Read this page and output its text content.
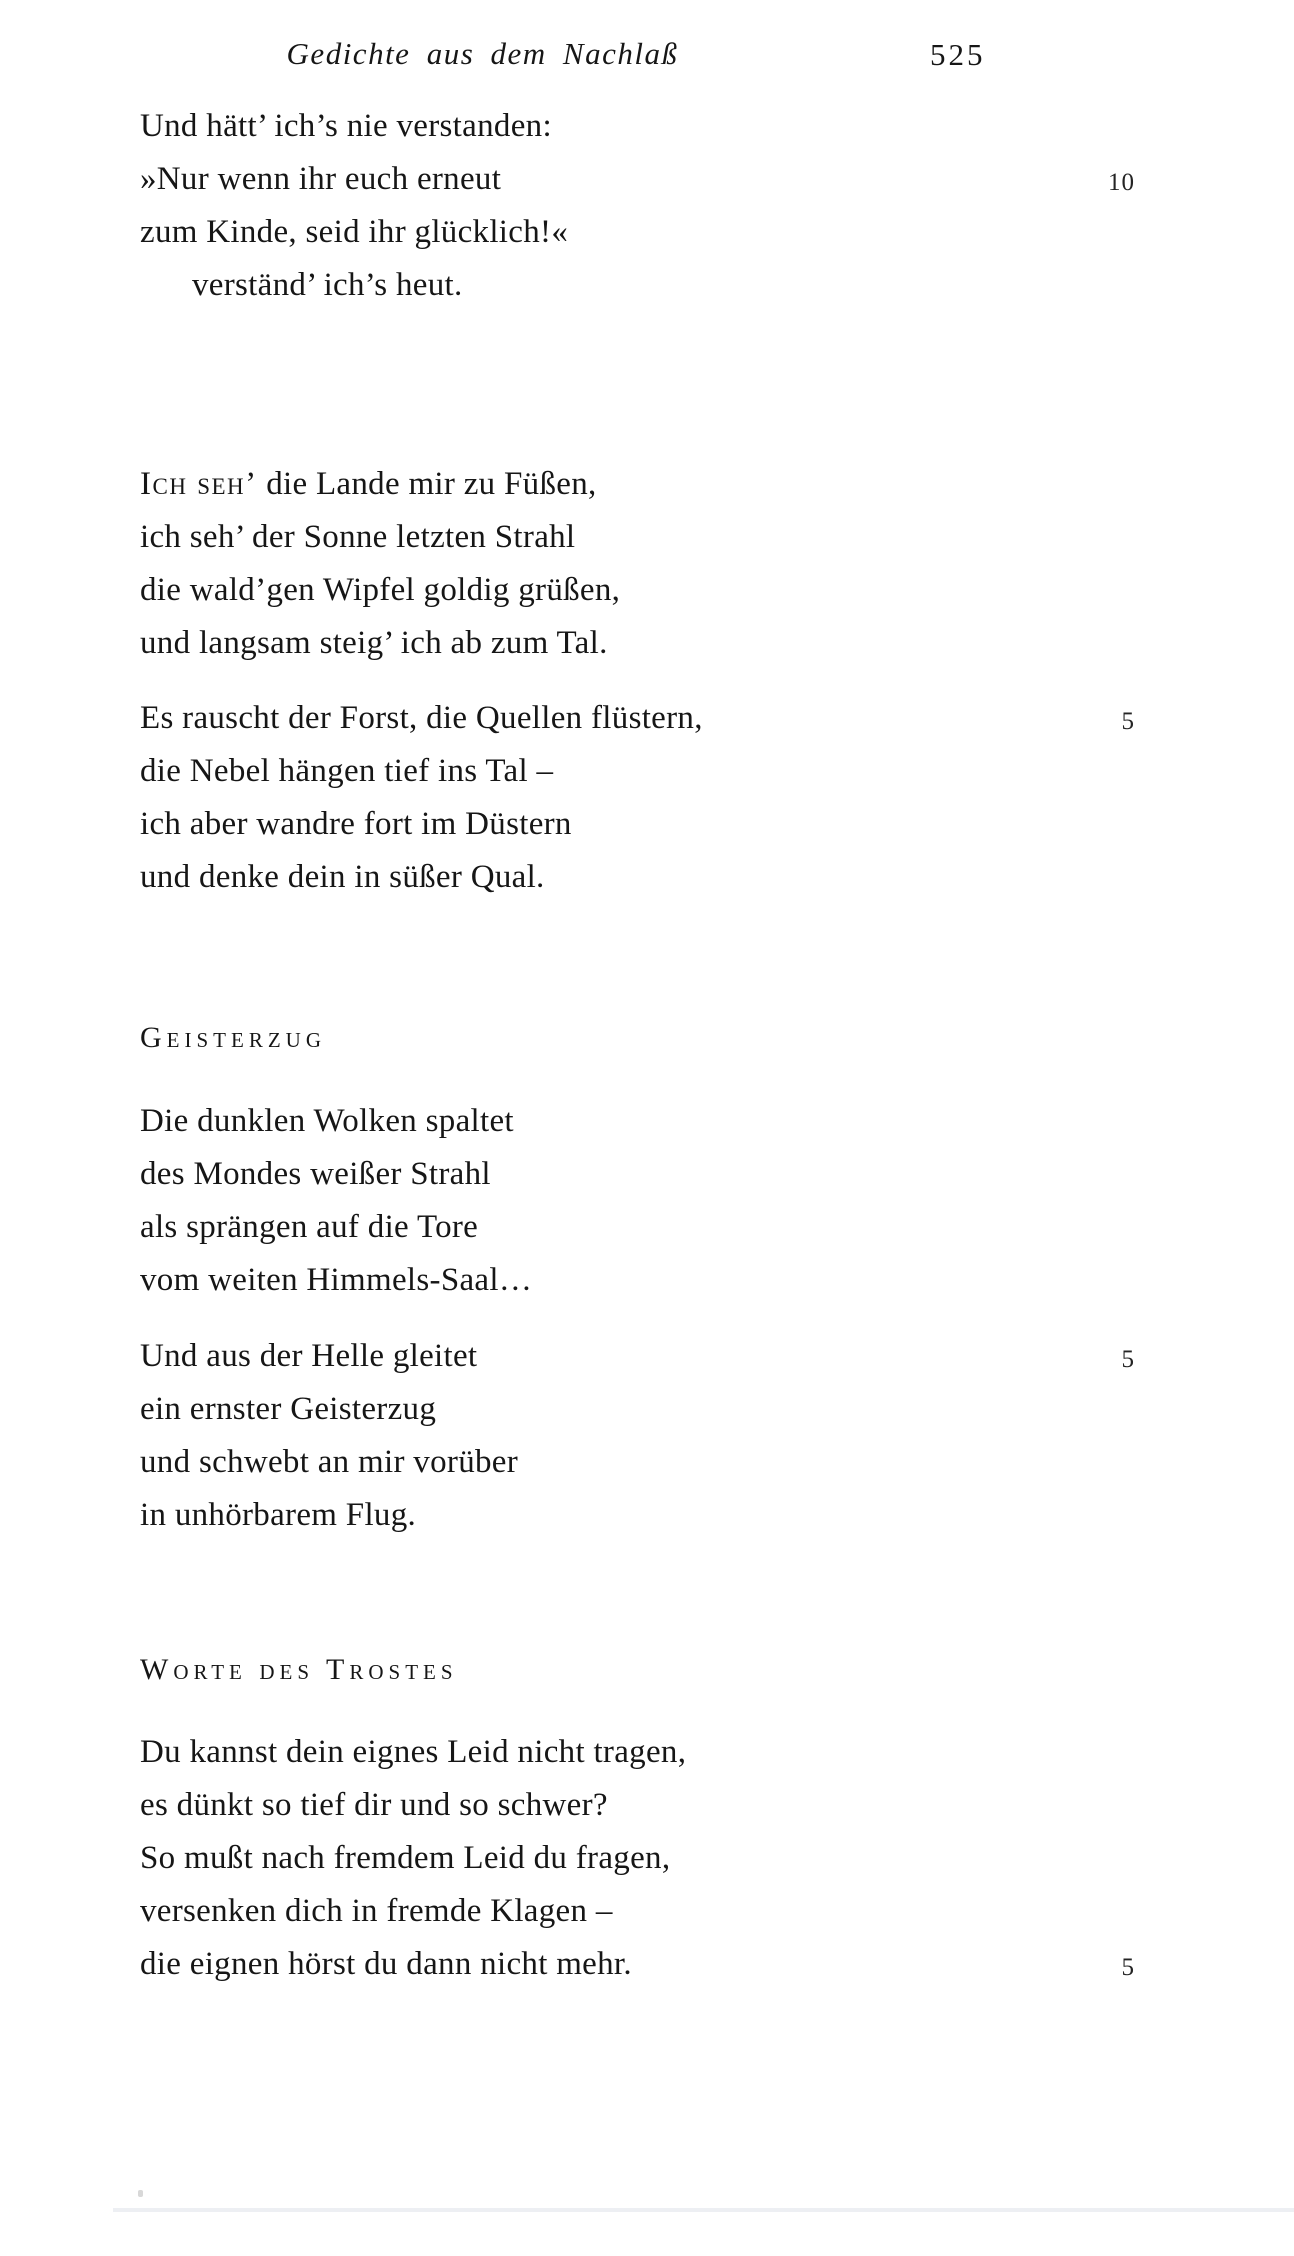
Gedichte aus dem Nachlaß	525
Und hätt’ ich’s nie verstanden:
»Nur wenn ihr euch erneut	10
zum Kinde, seid ihr glücklich!«
verständ’ ich’s heut.
Ich seh’ die Lande mir zu Füßen,
ich seh’ der Sonne letzten Strahl
die wald’gen Wipfel goldig grüßen,
und langsam steig’ ich ab zum Tal.
Es rauscht der Forst, die Quellen flüstern,	5
die Nebel hängen tief ins Tal –
ich aber wandre fort im Düstern
und denke dein in süßer Qual.
Geisterzug
Die dunklen Wolken spaltet
des Mondes weißer Strahl
als sprängen auf die Tore
vom weiten Himmels-Saal…
Und aus der Helle gleitet	5
ein ernster Geisterzug
und schwebt an mir vorüber
in unhörbarem Flug.
Worte des Trostes
Du kannst dein eignes Leid nicht tragen,
es dünkt so tief dir und so schwer?
So mußt nach fremdem Leid du fragen,
versenken dich in fremde Klagen –
die eignen hörst du dann nicht mehr.	5
